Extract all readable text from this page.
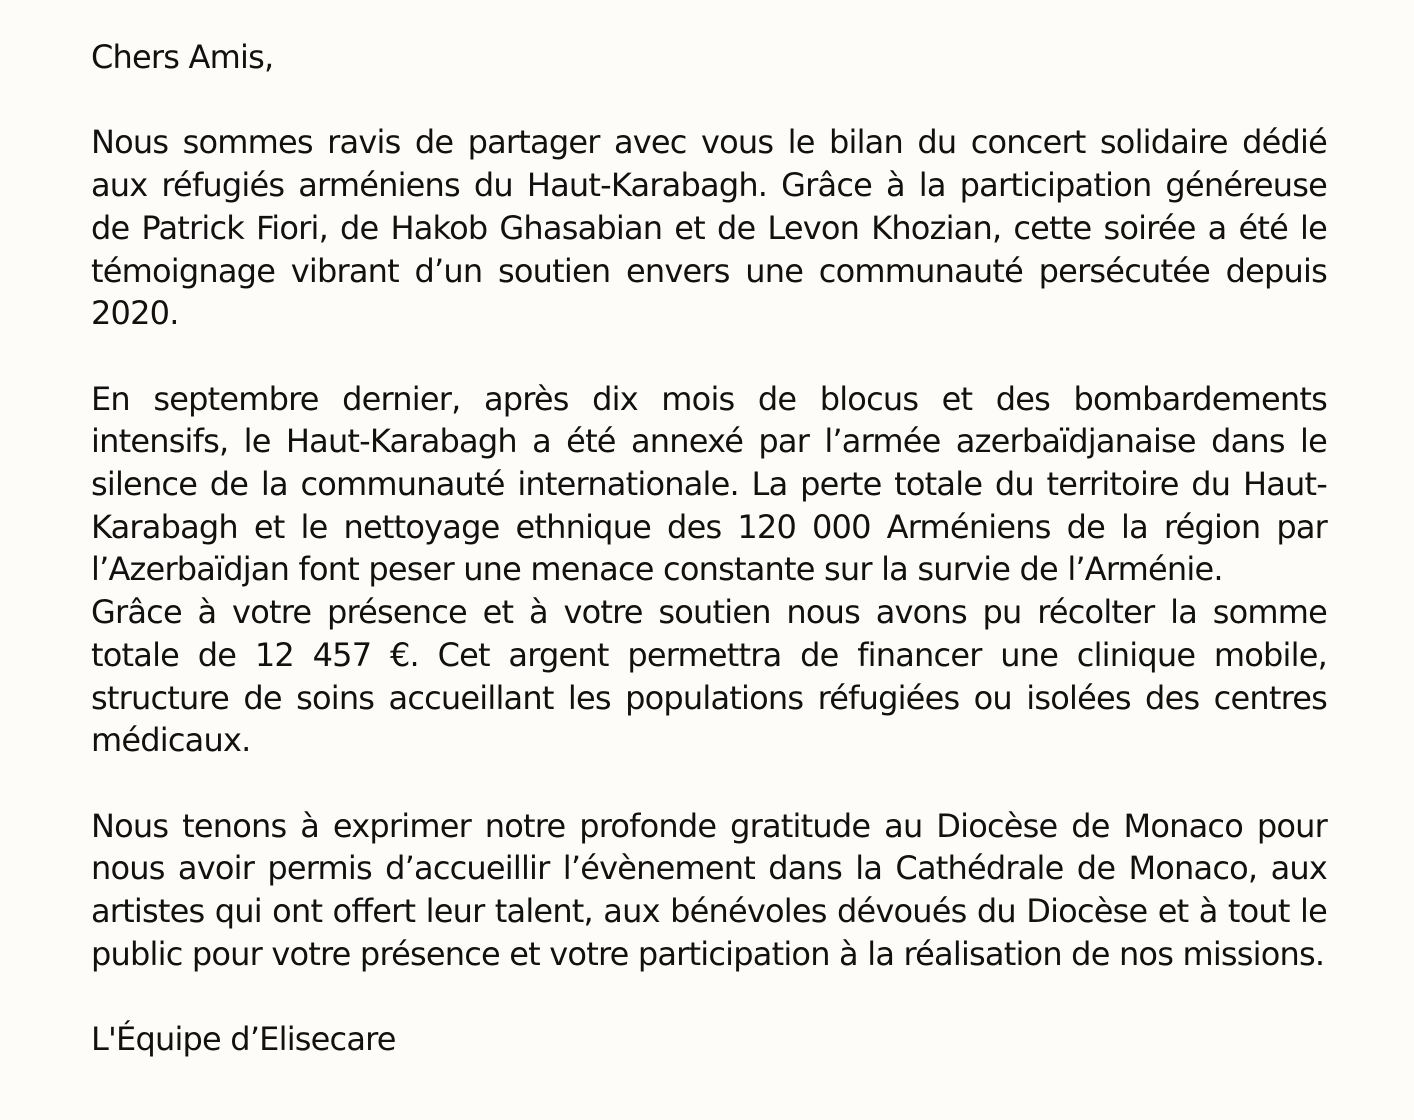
Chers Amis,

Nous sommes ravis de partager avec vous le bilan du concert solidaire dédié aux réfugiés arméniens du Haut-Karabagh. Grâce à la participation généreuse de Patrick Fiori, de Hakob Ghasabian et de Levon Khozian, cette soirée a été le témoignage vibrant d’un soutien envers une communauté persécutée depuis 2020.

En septembre dernier, après dix mois de blocus et des bombardements intensifs, le Haut-Karabagh a été annexé par l’armée azerbaïdjanaise dans le silence de la communauté internationale. La perte totale du territoire du Haut-Karabagh et le nettoyage ethnique des 120 000 Arméniens de la région par l’Azerbaïdjan font peser une menace constante sur la survie de l’Arménie.

Grâce à votre présence et à votre soutien nous avons pu récolter la somme totale de 12 457 €. Cet argent permettra de financer une clinique mobile, structure de soins accueillant les populations réfugiées ou isolées des centres médicaux.

Nous tenons à exprimer notre profonde gratitude au Diocèse de Monaco pour nous avoir permis d’accueillir l’évènement dans la Cathédrale de Monaco, aux artistes qui ont offert leur talent, aux bénévoles dévoués du Diocèse et à tout le public pour votre présence et votre participation à la réalisation de nos missions.

L'Équipe d’Elisecare
